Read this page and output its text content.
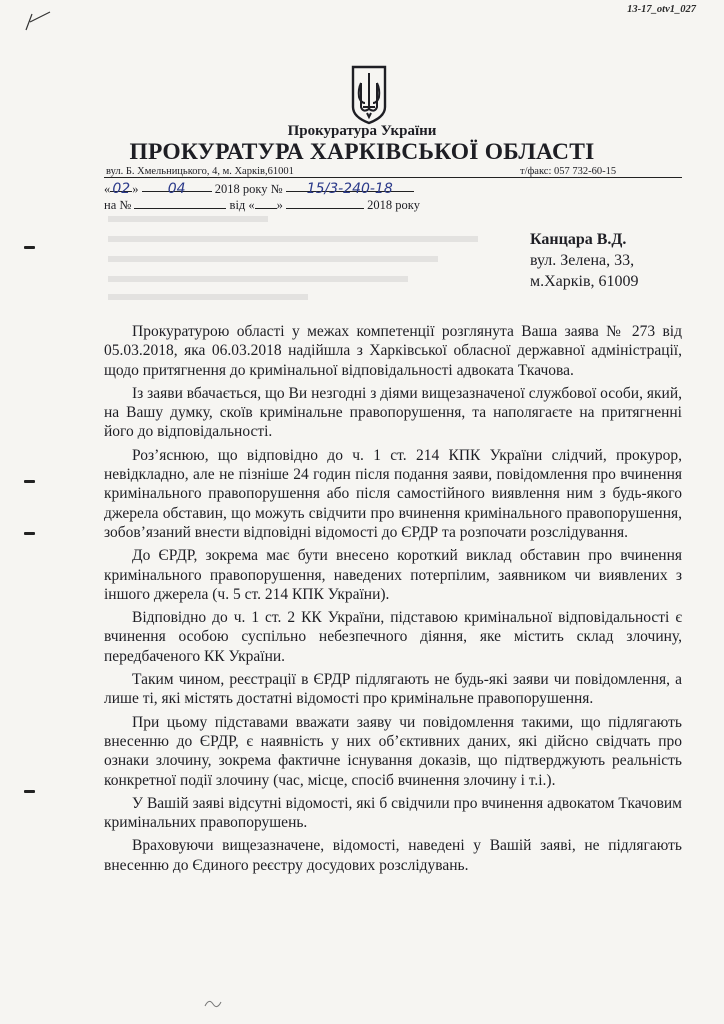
13-17_otv1_027
Прокуратура України
ПРОКУРАТУРА ХАРКІВСЬКОЇ ОБЛАСТІ
вул. Б. Хмельницького, 4, м. Харків,61001	т/факс: 057 732-60-15
« 02 » 04 2018 року № 15/3-240-18
на №	від « »	2018 року
Канцара В.Д.
вул. Зелена, 33,
м.Харків, 61009

Прокуратурою області у межах компетенції розглянута Ваша заява № 273 від 05.03.2018, яка 06.03.2018 надійшла з Харківської обласної державної адміністрації, щодо притягнення до кримінальної відповідальності адвоката Ткачова.

Із заяви вбачається, що Ви незгодні з діями вищезазначеної службової особи, який, на Вашу думку, скоїв кримінальне правопорушення, та наполягаєте на притягненні його до відповідальності.

Роз’яснюю, що відповідно до ч. 1 ст. 214 КПК України слідчий, прокурор, невідкладно, але не пізніше 24 годин після подання заяви, повідомлення про вчинення кримінального правопорушення або після самостійного виявлення ним з будь-якого джерела обставин, що можуть свідчити про вчинення кримінального правопорушення, зобов’язаний внести відповідні відомості до ЄРДР та розпочати розслідування.

До ЄРДР, зокрема має бути внесено короткий виклад обставин про вчинення кримінального правопорушення, наведених потерпілим, заявником чи виявлених з іншого джерела (ч. 5 ст. 214 КПК України).

Відповідно до ч. 1 ст. 2 КК України, підставою кримінальної відповідальності є вчинення особою суспільно небезпечного діяння, яке містить склад злочину, передбаченого КК України.

Таким чином, реєстрації в ЄРДР підлягають не будь-які заяви чи повідомлення, а лише ті, які містять достатні відомості про кримінальне правопорушення.

При цьому підставами вважати заяву чи повідомлення такими, що підлягають внесенню до ЄРДР, є наявність у них об’єктивних даних, які дійсно свідчать про ознаки злочину, зокрема фактичне існування доказів, що підтверджують реальність конкретної події злочину (час, місце, спосіб вчинення злочину і т.і.).

У Вашій заяві відсутні відомості, які б свідчили про вчинення адвокатом Ткачовим кримінальних правопорушень.

Враховуючи вищезазначене, відомості, наведені у Вашій заяві, не підлягають внесенню до Єдиного реєстру досудових розслідувань.
